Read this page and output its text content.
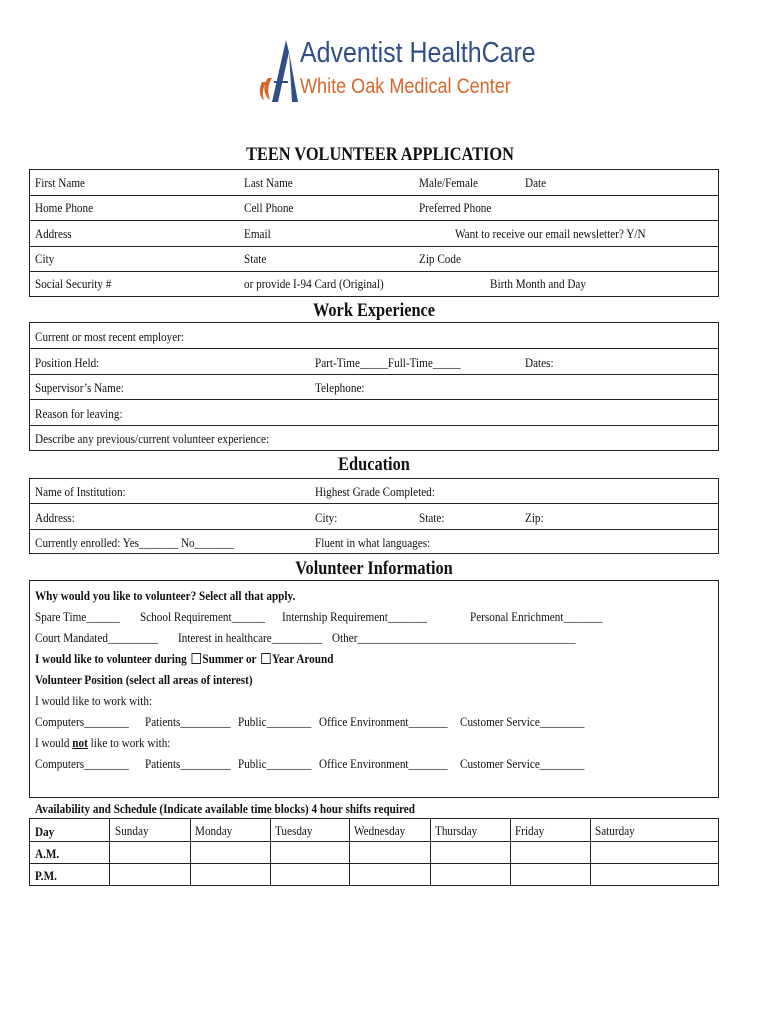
Adventist HealthCare
White Oak Medical Center
TEEN VOLUNTEER APPLICATION
First Name	Last Name	Male/Female	Date
Home Phone	Cell Phone	Preferred Phone
Address	Email	Want to receive our email newsletter? Y/N
City	State	Zip Code
Social Security #	or provide I-94 Card (Original)	Birth Month and Day
Work Experience
Current or most recent employer:
Position Held:	Part-Time_____Full-Time_____	Dates:
Supervisor’s Name:	Telephone:
Reason for leaving:
Describe any previous/current volunteer experience:
Education
Name of Institution:	Highest Grade Completed:
Address:	City:	State:	Zip:
Currently enrolled: Yes_______ No_______	Fluent in what languages:
Volunteer Information
Why would you like to volunteer? Select all that apply.
Spare Time______ School Requirement______ Internship Requirement_______	Personal Enrichment_______
Court Mandated_________ Interest in healthcare_________ Other_______________________________________
I would like to volunteer during Summer or Year Around
Volunteer Position (select all areas of interest)
I would like to work with:
Computers________ Patients_________ Public________ Office Environment_______ Customer Service________
I would not like to work with:
Computers________ Patients_________ Public________ Office Environment_______ Customer Service________
Availability and Schedule (Indicate available time blocks) 4 hour shifts required
Day	Sunday	Monday	Tuesday	Wednesday Thursday	Friday	Saturday
A.M.
P.M.
